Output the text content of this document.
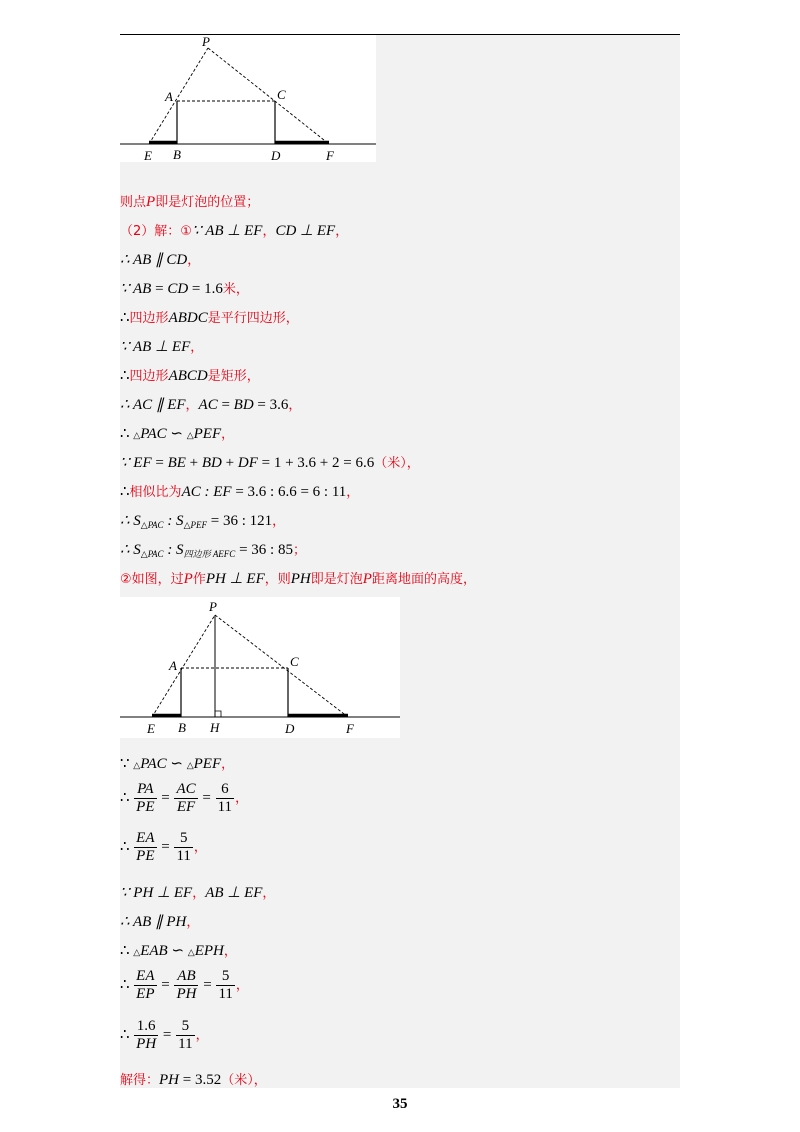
P
A	C
E B	D	F
则点P即是灯泡的位置；
（2）解：①∵ AB ⊥ EF，CD ⊥ EF，
∴ AB ∥ CD，
∵ AB = CD = 1.6米，
∴四边形ABDC是平行四边形，
∵ AB ⊥ EF，
∴四边形ABCD是矩形，
∴ AC ∥ EF，AC = BD = 3.6，
∴ △PAC ∽ △PEF，
∵ EF = BE + BD + DF = 1 + 3.6 + 2 = 6.6（米），
∴相似比为AC : EF = 3.6 : 6.6 = 6 : 11，
∴ $S_{\triangle PAC}$ : $S_{\triangle PEF} = 36$ : 121，
∴ $S_{\triangle PAC}$ : $S_{四边形 AEFC} = 36$ : 85；
②如图，过P作PH ⊥ EF，则PH即是灯泡P距离地面的高度，
P
A	C
E B H	D	F
∵ △PAC ∽ △PEF，
∴ $\frac{PA}{PE} = \frac{AC}{EF} = \frac{6}{11}$ ，
∴ $\frac{EA}{PE} = \frac{5}{11}$ ，
∵ PH ⊥ EF，AB ⊥ EF，
∴ AB ∥ PH，
∴ △EAB ∽ △EPH，
∴ $\frac{EA}{EP} = \frac{AB}{PH} = \frac{5}{11}$ ，
∴ $\frac{1.6}{PH} = \frac{5}{11}$ ，
解得：PH = 3.52（米），
35
